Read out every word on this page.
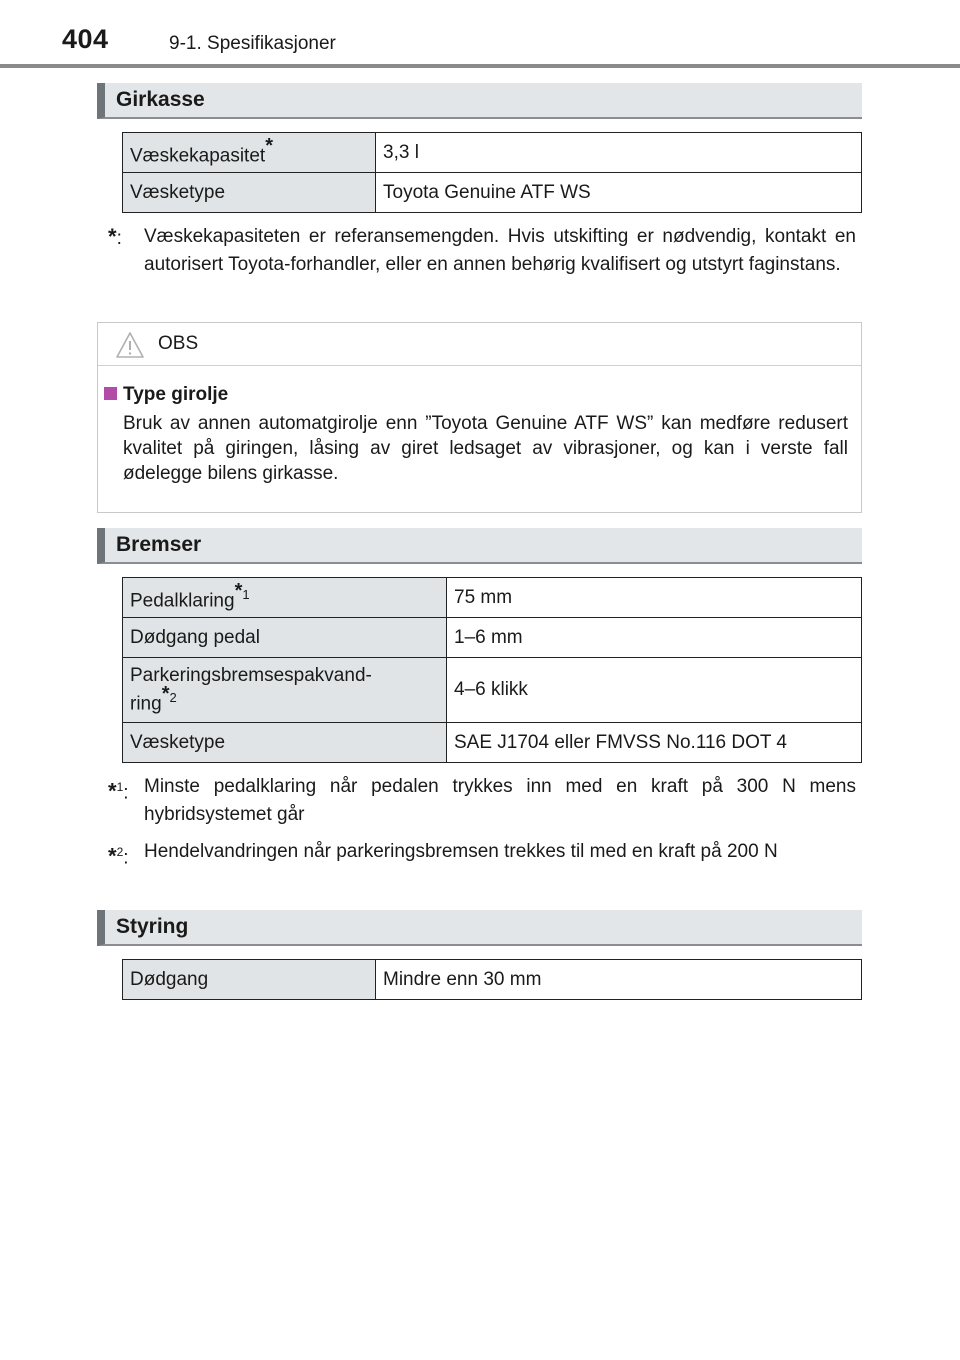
404	9-1. Spesifikasjoner
Girkasse
Væskekapasitet*	3,3 l
Væsketype	Toyota Genuine ATF WS
*: Væskekapasiteten er referansemengden. Hvis utskifting er nødvendig, kontakt en autorisert Toyota-forhandler, eller en annen behørig kvalifisert og utstyrt faginstans.
OBS
Type girolje
Bruk av annen automatgirolje enn ”Toyota Genuine ATF WS” kan medføre redusert kvalitet på giringen, låsing av giret ledsaget av vibrasjoner, og kan i verste fall ødelegge bilens girkasse.
Bremser
Pedalklaring$^{*1}$	75 mm
Dødgang pedal	1–6 mm
Parkeringsbremsespakvand-
ring$^{*2}$	4–6 klikk
Væsketype	SAE J1704 eller FMVSS No.116 DOT 4
*$^1$: Minste pedalklaring når pedalen trykkes inn med en kraft på 300 N mens hybridsystemet går
*$^2$: Hendelvandringen når parkeringsbremsen trekkes til med en kraft på 200 N
Styring
Dødgang	Mindre enn 30 mm
